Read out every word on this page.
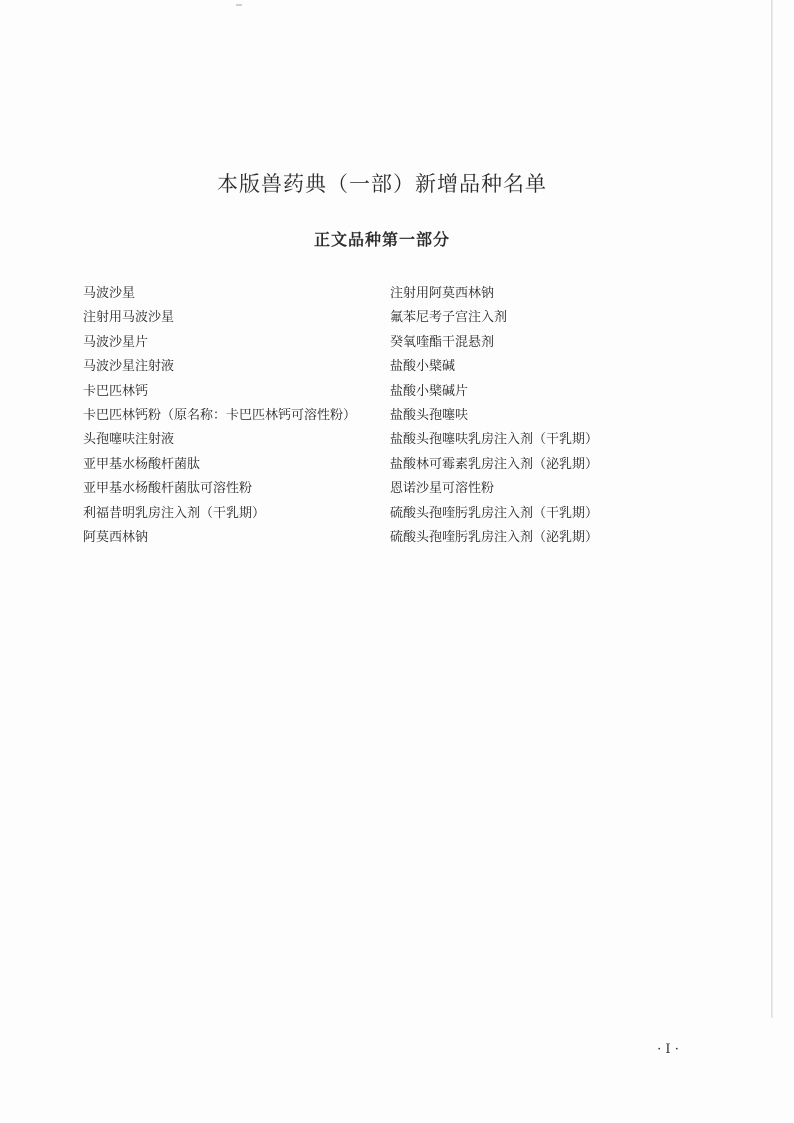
本版兽药典（一部）新增品种名单
正文品种第一部分
马波沙星
注射用马波沙星
马波沙星片
马波沙星注射液
卡巴匹林钙
卡巴匹林钙粉（原名称：卡巴匹林钙可溶性粉）
头孢噻呋注射液
亚甲基水杨酸杆菌肽
亚甲基水杨酸杆菌肽可溶性粉
利福昔明乳房注入剂（干乳期）
阿莫西林钠
注射用阿莫西林钠
氟苯尼考子宫注入剂
癸氧喹酯干混悬剂
盐酸小檗碱
盐酸小檗碱片
盐酸头孢噻呋
盐酸头孢噻呋乳房注入剂（干乳期）
盐酸林可霉素乳房注入剂（泌乳期）
恩诺沙星可溶性粉
硫酸头孢喹肟乳房注入剂（干乳期）
硫酸头孢喹肟乳房注入剂（泌乳期）
· I ·
